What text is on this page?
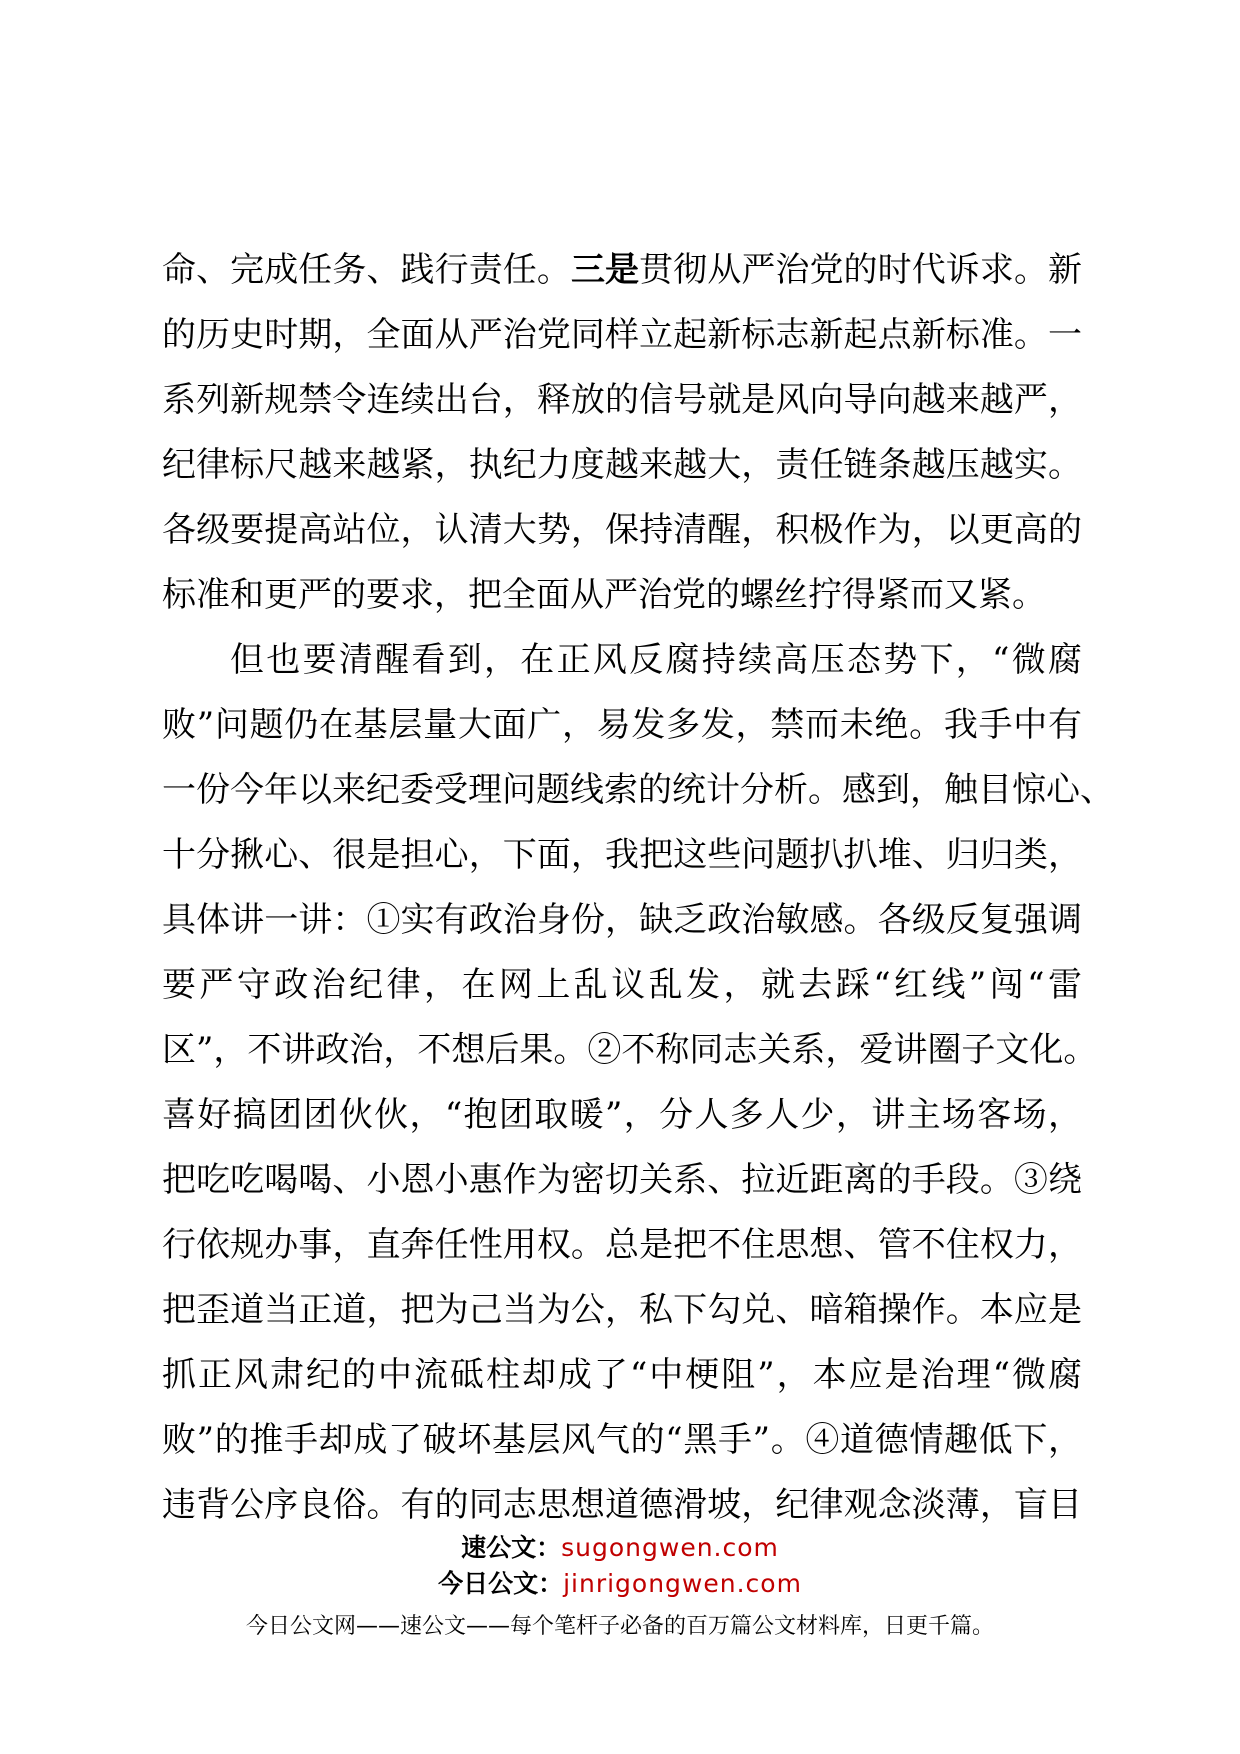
命、完成任务、践行责任。三是贯彻从严治党的时代诉求。新
的历史时期，全面从严治党同样立起新标志新起点新标准。一
系列新规禁令连续出台，释放的信号就是风向导向越来越严，
纪律标尺越来越紧，执纪力度越来越大，责任链条越压越实。
各级要提高站位，认清大势，保持清醒，积极作为，以更高的
标准和更严的要求，把全面从严治党的螺丝拧得紧而又紧。
但也要清醒看到，在正风反腐持续高压态势下，“微腐
败”问题仍在基层量大面广，易发多发，禁而未绝。我手中有
一份今年以来纪委受理问题线索的统计分析。感到，触目惊心、
十分揪心、很是担心，下面，我把这些问题扒扒堆、归归类，
具体讲一讲：①实有政治身份，缺乏政治敏感。各级反复强调
要严守政治纪律，在网上乱议乱发，就去踩“红线”闯“雷
区”，不讲政治，不想后果。②不称同志关系，爱讲圈子文化。
喜好搞团团伙伙，“抱团取暖”，分人多人少，讲主场客场，
把吃吃喝喝、小恩小惠作为密切关系、拉近距离的手段。③绕
行依规办事，直奔任性用权。总是把不住思想、管不住权力，
把歪道当正道，把为己当为公，私下勾兑、暗箱操作。本应是
抓正风肃纪的中流砥柱却成了“中梗阻”，本应是治理“微腐
败”的推手却成了破坏基层风气的“黑手”。④道德情趣低下，
违背公序良俗。有的同志思想道德滑坡，纪律观念淡薄，盲目
速公文：sugongwen.com
今日公文：jinrigongwen.com
今日公文网——速公文——每个笔杆子必备的百万篇公文材料库，日更千篇。
